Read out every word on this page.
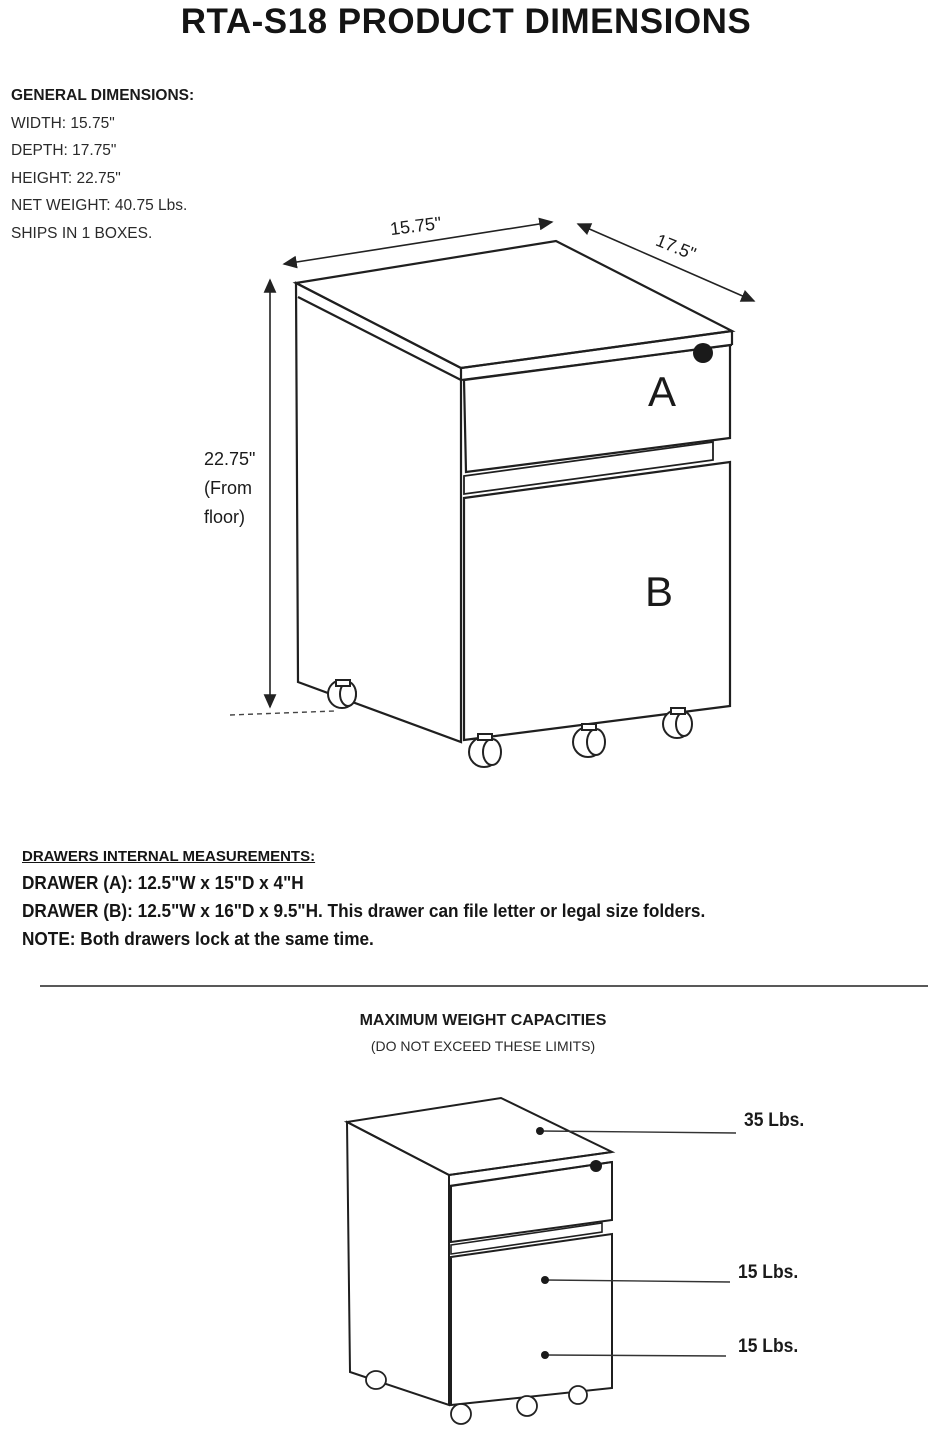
RTA-S18 PRODUCT DIMENSIONS
GENERAL DIMENSIONS:
WIDTH: 15.75"
DEPTH: 17.75"
HEIGHT: 22.75"
NET WEIGHT: 40.75 Lbs.
SHIPS IN 1 BOXES.	15.75"
17.5"
22.75"
(From
floor)
A
B
DRAWERS INTERNAL MEASUREMENTS:
DRAWER (A): 12.5"W x 15"D x 4"H
DRAWER (B): 12.5"W x 16"D x 9.5"H. This drawer can file letter or legal size folders.
NOTE: Both drawers lock at the same time.
MAXIMUM WEIGHT CAPACITIES
(DO NOT EXCEED THESE LIMITS)
35 Lbs.
15 Lbs.
15 Lbs.
